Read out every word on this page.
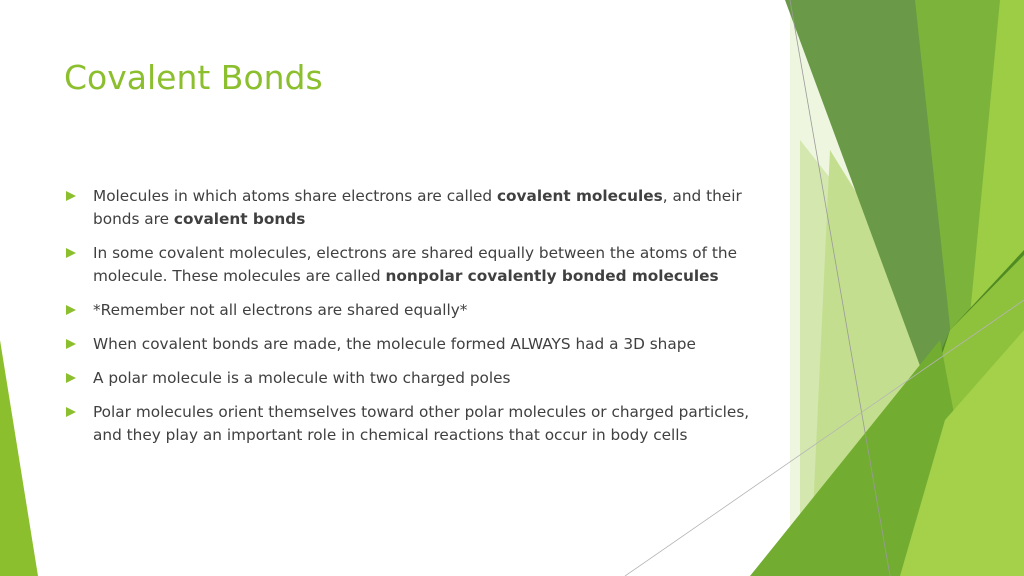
Covalent Bonds
Molecules in which atoms share electrons are called covalent molecules, and their bonds are covalent bonds
In some covalent molecules, electrons are shared equally between the atoms of the molecule. These molecules are called nonpolar covalently bonded molecules
*Remember not all electrons are shared equally*
When covalent bonds are made, the molecule formed ALWAYS had a 3D shape
A polar molecule is a molecule with two charged poles
Polar molecules orient themselves toward other polar molecules or charged particles, and they play an important role in chemical reactions that occur in body cells
